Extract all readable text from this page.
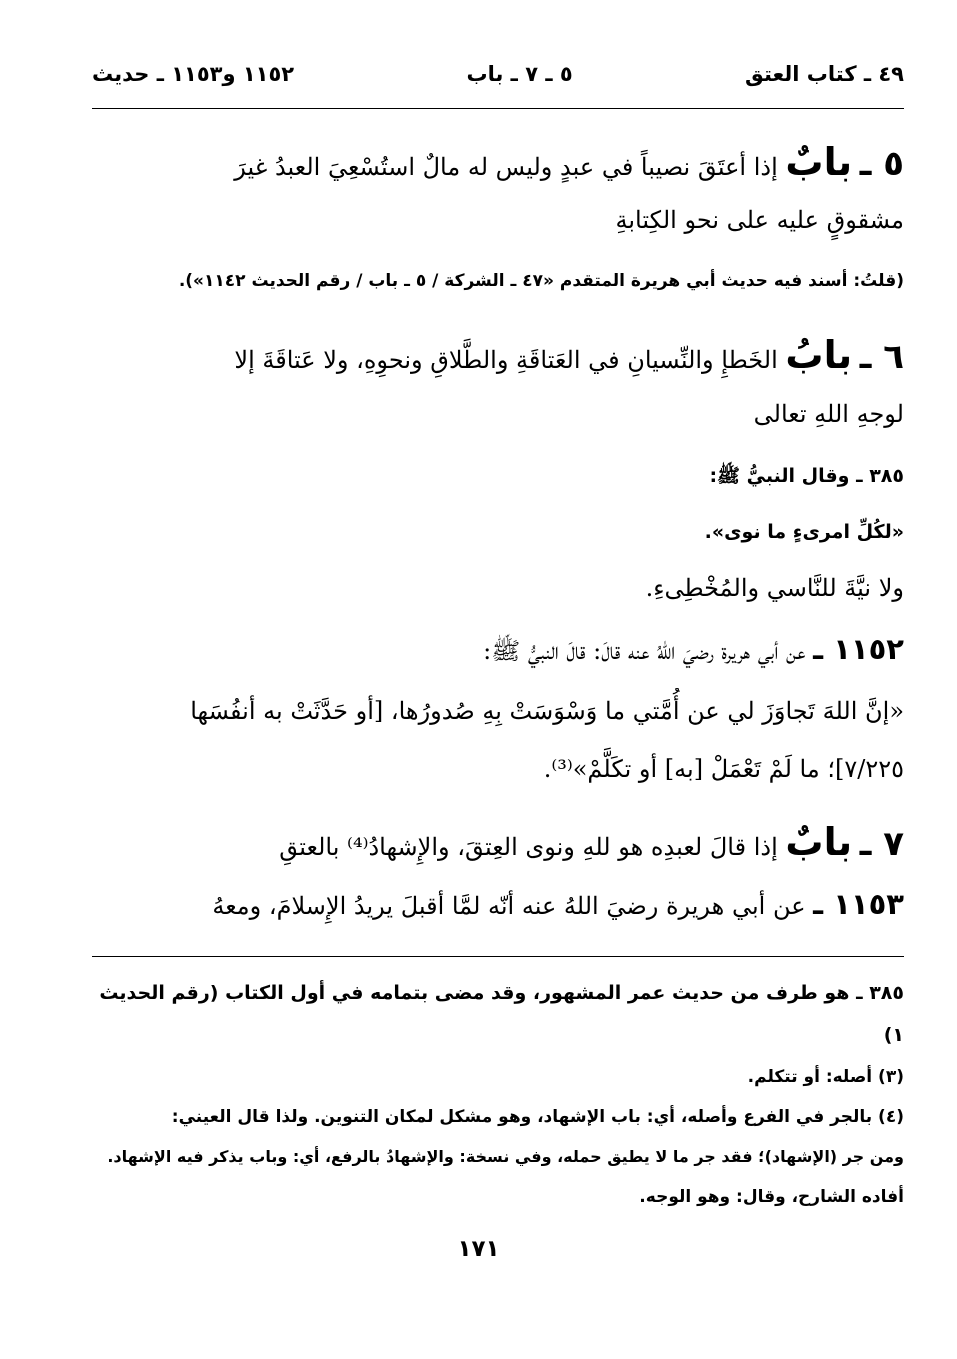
٤٩ ـ كتاب العتق
٥ ـ ٧ ـ باب
١١٥٢ و١١٥٣ ـ حديث
٥ ـ بابٌ إذا أعتَقَ نصيباً في عبدٍ وليس له مالٌ استُسْعِيَ العبدُ غيرَ
مشقوقٍ عليه على نحو الكِتابةِ
(قلتُ: أسند فيه حديث أبي هريرة المتقدم «٤٧ ـ الشركة / ٥ ـ باب / رقم الحديث ١١٤٢»).
٦ ـ بابُ الخَطإِ والنِّسيانِ في العَتاقَةِ والطَّلاقِ ونحوِهِ، ولا عَتاقَةَ إلا
لوجهِ اللهِ تعالى
٣٨٥ ـ وقال النبيُّ ﷺ:
«لكُلِّ امرىءٍ ما نوى».
ولا نيَّةَ للنَّاسي والمُخْطِىءِ.
١١٥٢ ـ عن أبي هريرة رضيَ اللهُ عنه قالَ: قالَ النبيُّ ﷺ:
«إنَّ اللهَ تَجاوَزَ لي عن أُمَّتي ما وَسْوَسَتْ بِهِ صُدورُها، [أو حَدَّثَتْ به أنفُسَها
٧/٢٢٥]؛ ما لَمْ تَعْمَلْ [به] أو تكَلَّمْ»⁽³⁾.
٧ ـ بابٌ إذا قالَ لعبدِه هو للهِ ونوى العِتقَ، والإِشهادُ⁽⁴⁾ بالعتقِ
١١٥٣ ـ عن أبي هريرة رضيَ اللهُ عنه أنّه لمَّا أقبلَ يريدُ الإِسلامَ، ومعهُ
٣٨٥ ـ هو طرف من حديث عمر المشهور، وقد مضى بتمامه في أول الكتاب (رقم الحديث
١)
(٣) أصله: أو تتكلم.
(٤) بالجر في الفرع وأصله، أي: باب الإشهاد، وهو مشكل لمكان التنوين. ولذا قال العيني:
ومن جر (الإشهاد)؛ فقد جر ما لا يطيق حمله، وفي نسخة: والإشهادُ بالرفع، أي: وباب يذكر فيه الإشهاد.
أفاده الشارح، وقال: وهو الوجه.
١٧١
